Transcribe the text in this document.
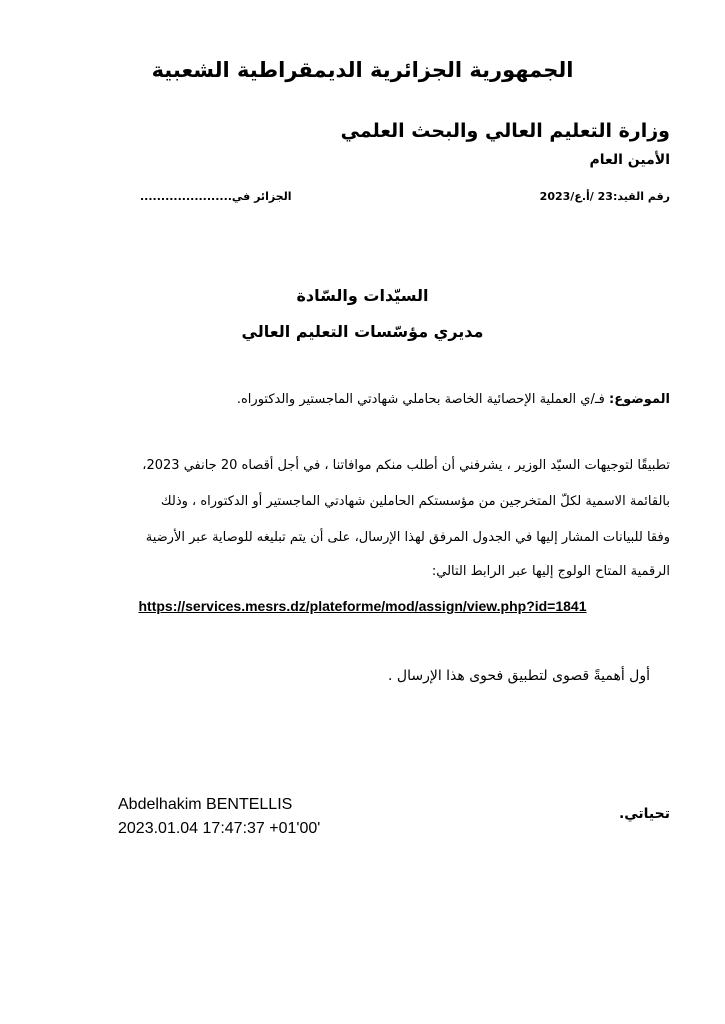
الجمهورية الجزائرية الديمقراطية الشعبية
وزارة التعليم العالي والبحث العلمي
الأمين العام
رقم القيد:23 /أ.ع/2023
الجزائر في......................
السيّدات والسّادة
مديري مؤسّسات التعليم العالي
الموضوع: فـ/ي العملية الإحصائية الخاصة بحاملي شهادتي الماجستير والدكتوراه.
تطبيقًا لتوجيهات السيّد الوزير ، يشرفني أن أطلب منكم موافاتنا ، في أجل أقصاه 20 جانفي 2023،
بالقائمة الاسمية لكلّ المتخرجين من مؤسستكم الحاملين شهادتي الماجستير أو الدكتوراه ، وذلك
وفقا للبيانات المشار إليها في الجدول المرفق لهذا الإرسال، على أن يتم تبليغه للوصاية عبر الأرضية
الرقمية المتاح الولوج إليها عبر الرابط التالي:
https://services.mesrs.dz/plateforme/mod/assign/view.php?id=1841
أول أهميةً قصوى لتطبيق فحوى هذا الإرسال .
Abdelhakim BENTELLIS
2023.01.04 17:47:37 +01'00'
تحياتي.
